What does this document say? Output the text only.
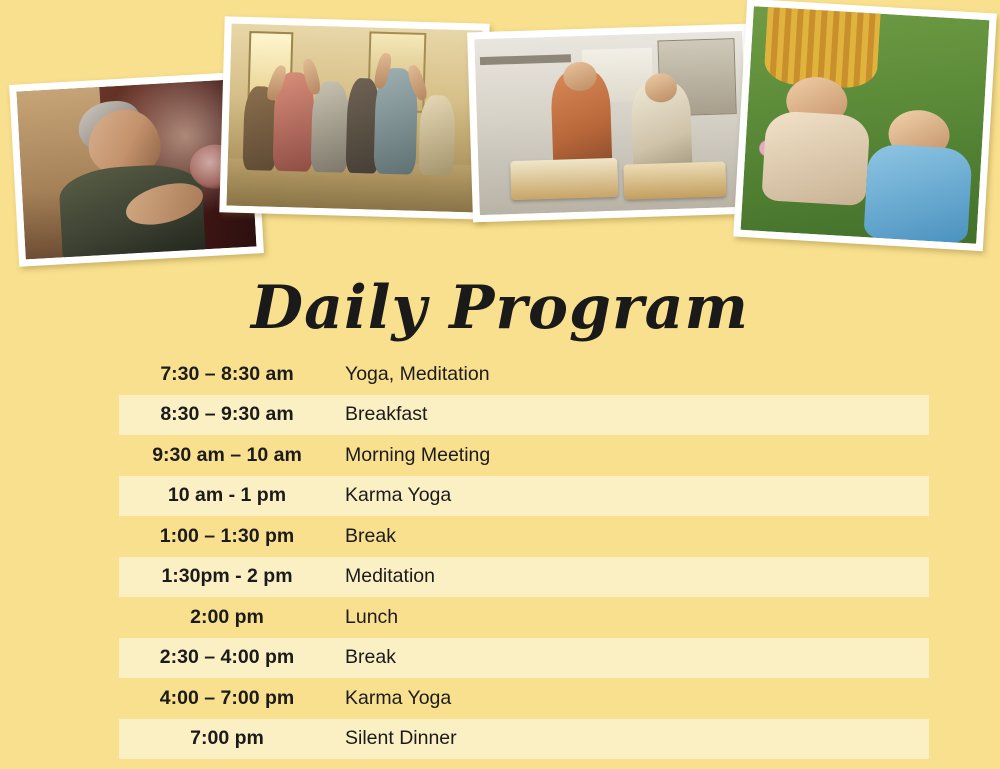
Daily Program
7:30 – 8:30 am	Yoga, Meditation
8:30 – 9:30 am	Breakfast
9:30 am – 10 am	Morning Meeting
10 am - 1 pm	Karma Yoga
1:00 – 1:30 pm	Break
1:30pm - 2 pm	Meditation
2:00 pm	Lunch
2:30 – 4:00 pm	Break
4:00 – 7:00 pm	Karma Yoga
7:00 pm	Silent Dinner
